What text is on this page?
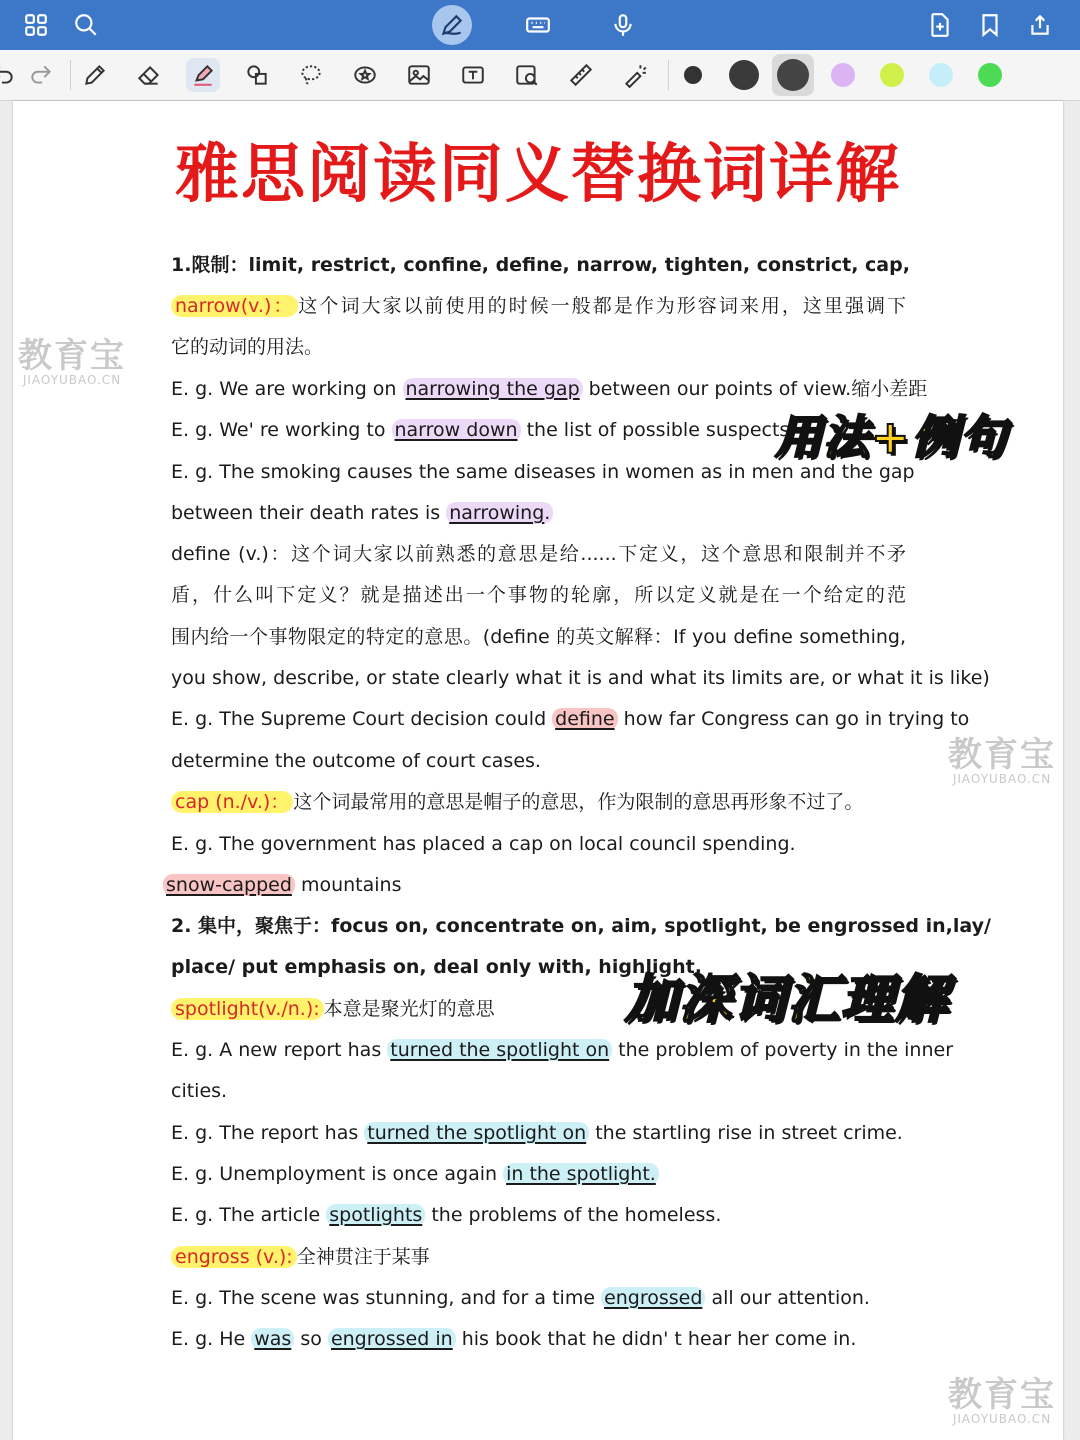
雅思阅读同义替换词详解
1.限制：limit, restrict, confine, define, narrow, tighten, constrict, cap,
narrow(v.)： 这个词大家以前使用的时候一般都是作为形容词来用，这里强调下
它的动词的用法。
E. g. We are working on narrowing the gap between our points of view.缩小差距
E. g. We' re working to narrow down the list of possible suspects.
E. g. The smoking causes the same diseases in women as in men and the gap
between their death rates is narrowing.
define (v.)：这个词大家以前熟悉的意思是给......下定义，这个意思和限制并不矛
盾，什么叫下定义？就是描述出一个事物的轮廓，所以定义就是在一个给定的范
围内给一个事物限定的特定的意思。(define 的英文解释：If you define something,
you show, describe, or state clearly what it is and what its limits are, or what it is like)
E. g. The Supreme Court decision could define how far Congress can go in trying to
determine the outcome of court cases.
cap (n./v.)： 这个词最常用的意思是帽子的意思，作为限制的意思再形象不过了。
E. g. The government has placed a cap on local council spending.
snow-capped mountains
2. 集中，聚焦于：focus on, concentrate on, aim, spotlight, be engrossed in,lay/
place/ put emphasis on, deal only with, highlight,
spotlight(v./n.): 本意是聚光灯的意思
E. g. A new report has turned the spotlight on the problem of poverty in the inner
cities.
E. g. The report has turned the spotlight on the startling rise in street crime.
E. g. Unemployment is once again in the spotlight.
E. g. The article spotlights the problems of the homeless.
engross (v.): 全神贯注于某事
E. g. The scene was stunning, and for a time engrossed all our attention.
E. g. He was so engrossed in his book that he didn' t hear her come in.
用法+例句
加深词汇理解
教育宝
JIAOYUBAO.CN
教育宝
JIAOYUBAO.CN
教育宝
JIAOYUBAO.CN
